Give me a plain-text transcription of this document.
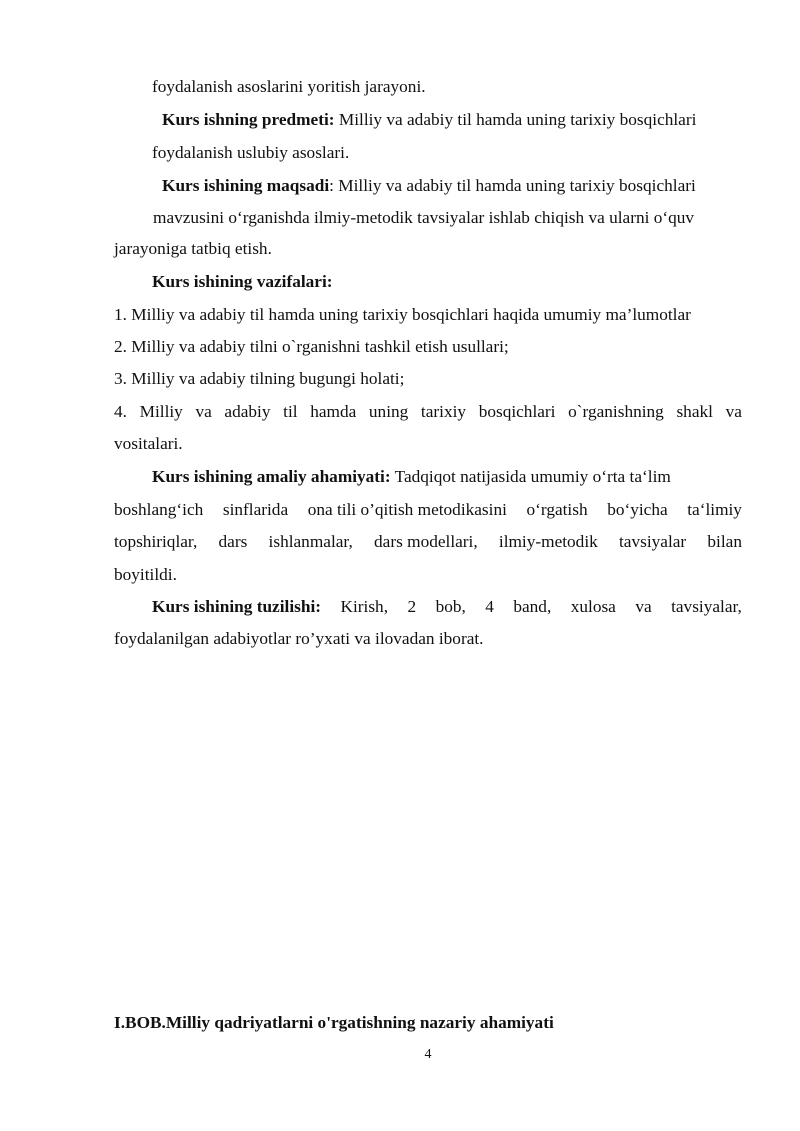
foydalanish asoslarini yoritish jarayoni.
Kurs ishning predmeti: Milliy va adabiy til hamda uning tarixiy bosqichlari
foydalanish uslubiy asoslari.
Kurs ishining maqsadi: Milliy va adabiy til hamda uning tarixiy bosqichlari
mavzusini o‘rganishda ilmiy-metodik tavsiyalar ishlab chiqish va ularni o‘quv
jarayoniga tatbiq etish.
Kurs ishining vazifalari:
1. Milliy va adabiy til hamda uning tarixiy bosqichlari haqida umumiy ma’lumotlar
2. Milliy va adabiy tilni o`rganishni tashkil etish usullari;
3. Milliy va adabiy tilning bugungi holati;
4. Milliy va adabiy til hamda uning tarixiy bosqichlari o`rganishning shakl va
vositalari.
Kurs ishining amaliy ahamiyati: Tadqiqot natijasida umumiy o‘rta ta‘lim
boshlang‘ich sinflarida ona tili o’qitish metodikasini o‘rgatish bo‘yicha ta‘limiy
topshiriqlar, dars ishlanmalar, dars modellari, ilmiy-metodik tavsiyalar bilan
boyitildi.
Kurs ishining tuzilishi: Kirish, 2 bob, 4 band, xulosa va tavsiyalar,
foydalanilgan adabiyotlar ro’yxati va ilovadan iborat.
I.BOB.Milliy qadriyatlarni o'rgatishning nazariy ahamiyati
4
